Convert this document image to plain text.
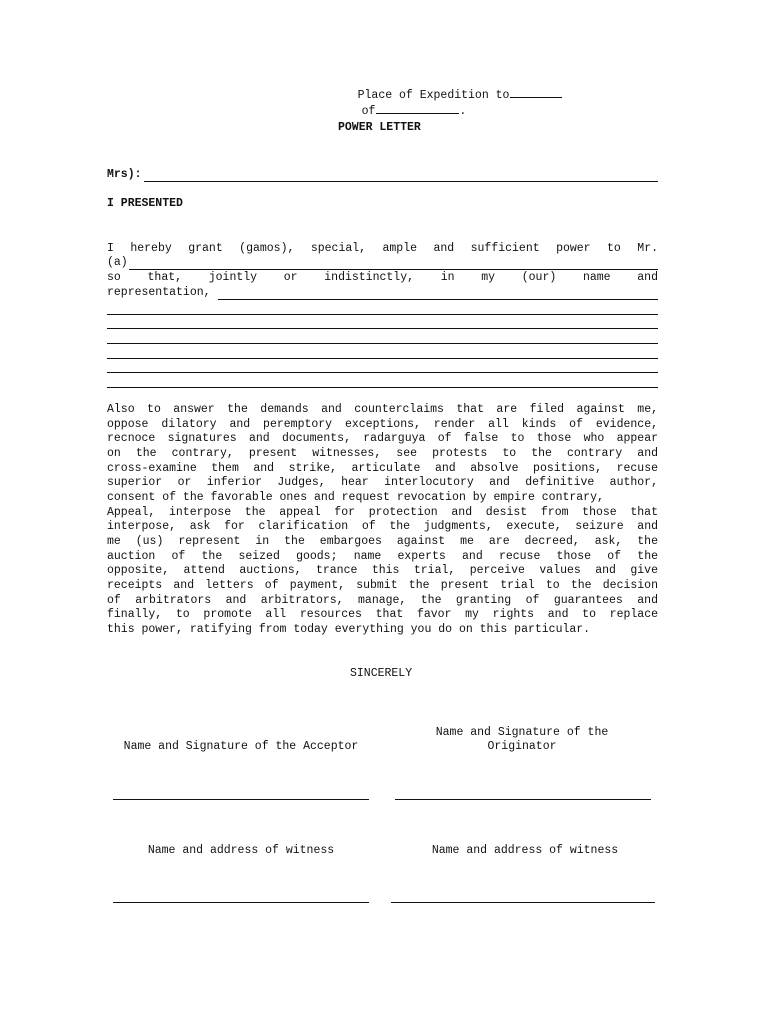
Place of Expedition to
of	.

POWER LETTER
Mrs):
I PRESENTED
I hereby grant (gamos), special, ample and sufficient power to Mr.
(a)
so that, jointly or indistinctly, in my (our) name and
representation,
Also to answer the demands and counterclaims that are filed against me,
oppose dilatory and peremptory exceptions, render all kinds of evidence,
recnoce signatures and documents, radarguya of false to those who appear
on the contrary, present witnesses, see protests to the contrary and
cross-examine them and strike, articulate and absolve positions, recuse
superior or inferior Judges, hear interlocutory and definitive author,
consent of the favorable ones and request revocation by empire contrary,
Appeal, interpose the appeal for protection and desist from those that
interpose, ask for clarification of the judgments, execute, seizure and
me (us) represent in the embargoes against me are decreed, ask, the
auction of the seized goods; name experts and recuse those of the
opposite, attend auctions, trance this trial, perceive values and give
receipts and letters of payment, submit the present trial to the decision
of arbitrators and arbitrators, manage, the granting of guarantees and
finally, to promote all resources that favor my rights and to replace
this power, ratifying from today everything you do on this particular.
SINCERELY
Name and Signature of the Acceptor
Name and Signature of the
Originator
Name and address of witness	Name and address of witness
